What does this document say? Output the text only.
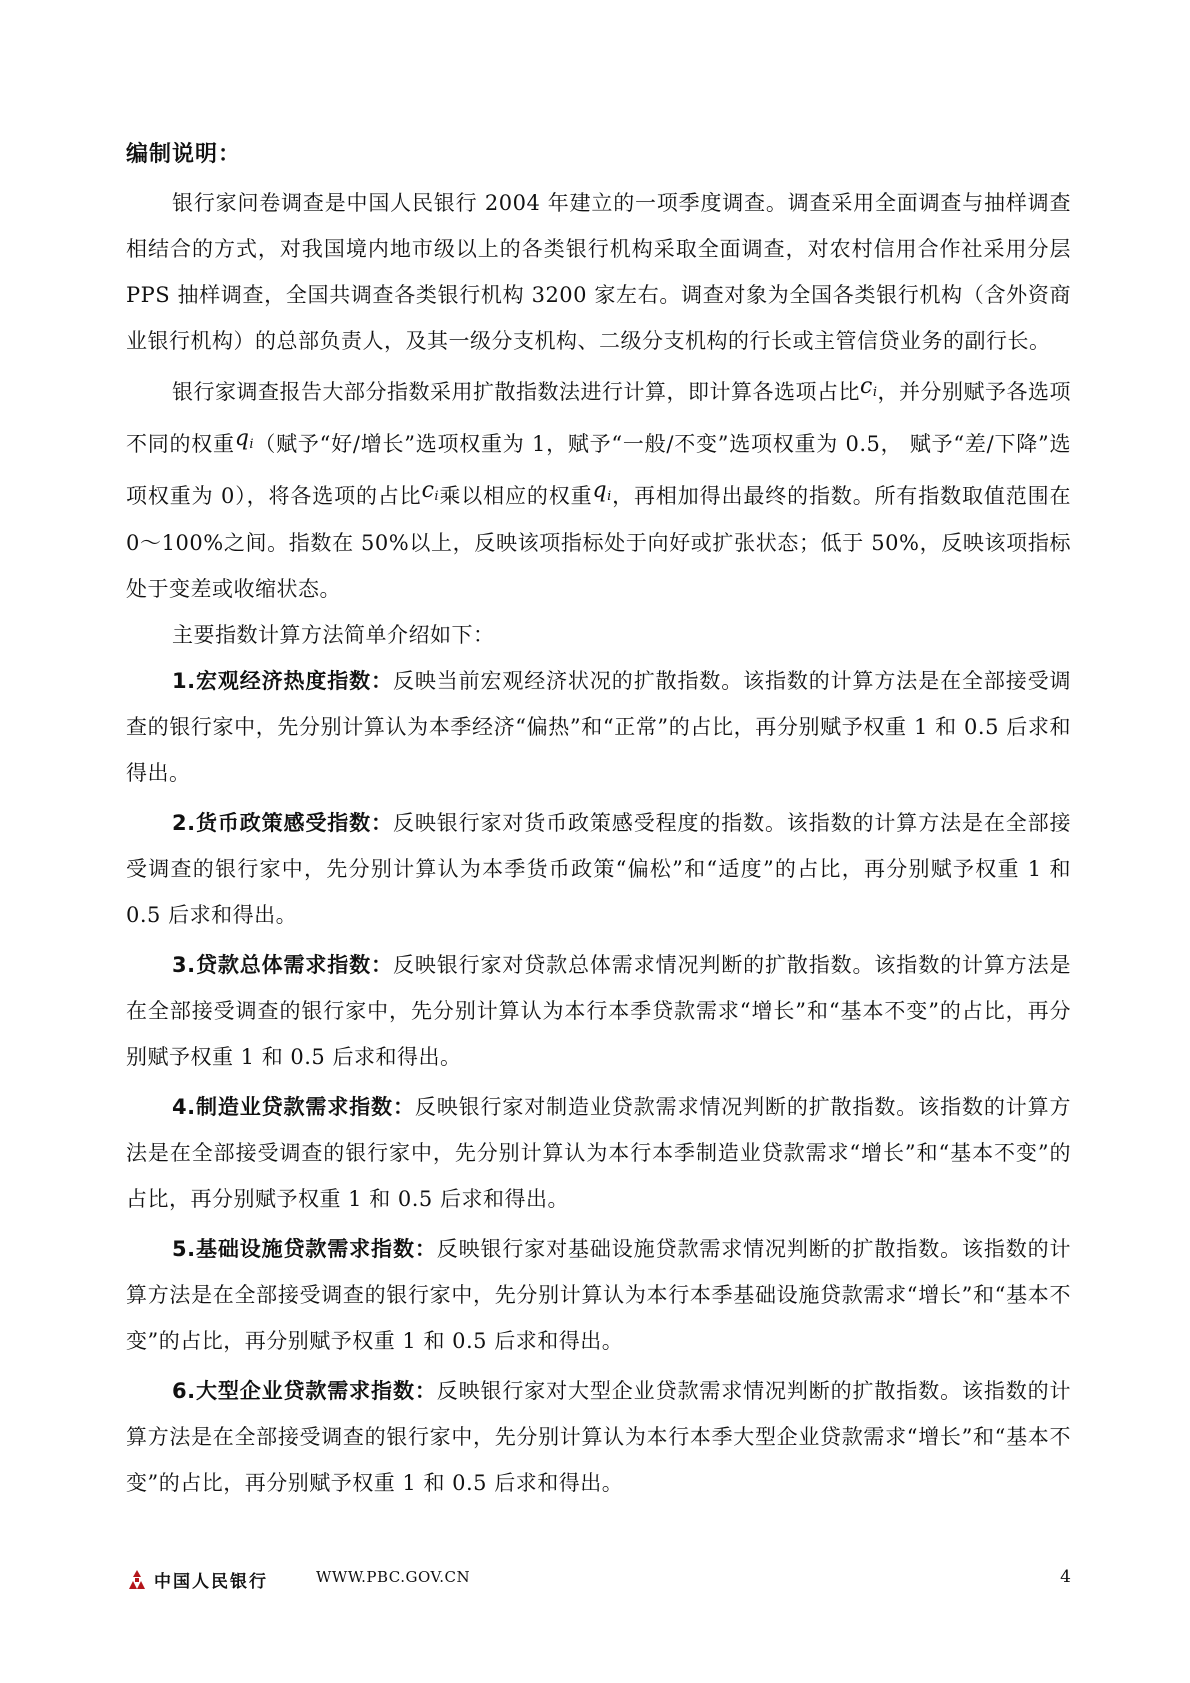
编制说明：

银行家问卷调查是中国人民银行 2004 年建立的一项季度调查。调查采用全面调查与抽样调查相结合的方式，对我国境内地市级以上的各类银行机构采取全面调查，对农村信用合作社采用分层PPS 抽样调查，全国共调查各类银行机构 3200 家左右。调查对象为全国各类银行机构（含外资商业银行机构）的总部负责人，及其一级分支机构、二级分支机构的行长或主管信贷业务的副行长。

银行家调查报告大部分指数采用扩散指数法进行计算，即计算各选项占比$c_i$，并分别赋予各选项不同的权重$q_i$（赋予“好/增长”选项权重为 1，赋予“一般/不变”选项权重为 0.5， 赋予“差/下降”选项权重为 0），将各选项的占比$c_i$乘以相应的权重$q_i$，再相加得出最终的指数。所有指数取值范围在 0～100%之间。指数在 50%以上，反映该项指标处于向好或扩张状态；低于 50%，反映该项指标处于变差或收缩状态。

主要指数计算方法简单介绍如下：

1.宏观经济热度指数：反映当前宏观经济状况的扩散指数。该指数的计算方法是在全部接受调查的银行家中，先分别计算认为本季经济“偏热”和“正常”的占比，再分别赋予权重 1 和 0.5 后求和得出。

2.货币政策感受指数：反映银行家对货币政策感受程度的指数。该指数的计算方法是在全部接受调查的银行家中，先分别计算认为本季货币政策“偏松”和“适度”的占比，再分别赋予权重 1 和 0.5 后求和得出。

3.贷款总体需求指数：反映银行家对贷款总体需求情况判断的扩散指数。该指数的计算方法是在全部接受调查的银行家中，先分别计算认为本行本季贷款需求“增长”和“基本不变”的占比，再分别赋予权重 1 和 0.5 后求和得出。

4.制造业贷款需求指数：反映银行家对制造业贷款需求情况判断的扩散指数。该指数的计算方法是在全部接受调查的银行家中，先分别计算认为本行本季制造业贷款需求“增长”和“基本不变”的占比，再分别赋予权重 1 和 0.5 后求和得出。

5.基础设施贷款需求指数：反映银行家对基础设施贷款需求情况判断的扩散指数。该指数的计算方法是在全部接受调查的银行家中，先分别计算认为本行本季基础设施贷款需求“增长”和“基本不变”的占比，再分别赋予权重 1 和 0.5 后求和得出。

6.大型企业贷款需求指数：反映银行家对大型企业贷款需求情况判断的扩散指数。该指数的计算方法是在全部接受调查的银行家中，先分别计算认为本行本季大型企业贷款需求“增长”和“基本不变”的占比，再分别赋予权重 1 和 0.5 后求和得出。

中国人民银行	WWW.PBC.GOV.CN	4
